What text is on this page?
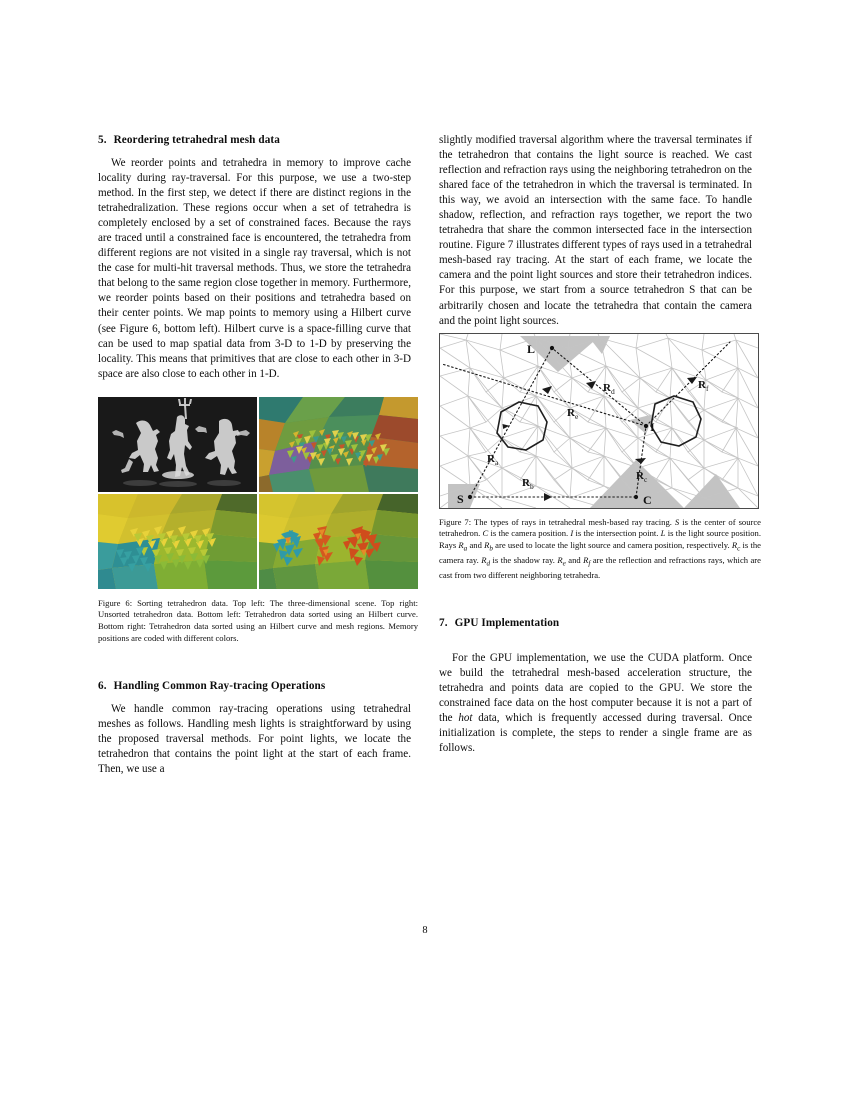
5. Reordering tetrahedral mesh data

We reorder points and tetrahedra in memory to improve cache locality during ray-traversal. For this purpose, we use a two-step method. In the first step, we detect if there are distinct regions in the tetrahedralization. These regions occur when a set of tetrahedra is completely enclosed by a set of constrained faces. Because the rays are traced until a constrained face is encountered, the tetrahedra from different regions are not visited in a single ray traversal, which is not the case for multi-hit traversal methods. Thus, we store the tetrahedra that belong to the same region close together in memory. Furthermore, we reorder points based on their positions and tetrahedra based on their center points. We map points to memory using a Hilbert curve (see Figure 6, bottom left). Hilbert curve is a space-filling curve that can be used to map spatial data from 3-D to 1-D by preserving the locality. This means that primitives that are close to each other in 3-D space are also close to each other in 1-D.

Figure 6: Sorting tetrahedron data. Top left: The three-dimensional scene. Top right: Unsorted tetrahedron data. Bottom left: Tetrahedron data sorted using an Hilbert curve. Bottom right: Tetrahedron data sorted using an Hilbert curve and mesh regions. Memory positions are coded with different colors.

6. Handling Common Ray-tracing Operations

We handle common ray-tracing operations using tetrahedral meshes as follows. Handling mesh lights is straightforward by using the proposed traversal methods. For point lights, we locate the tetrahedron that contains the point light at the start of each frame. Then, we use a

slightly modified traversal algorithm where the traversal terminates if the tetrahedron that contains the light source is reached. We cast reflection and refraction rays using the neighboring tetrahedron on the shared face of the tetrahedron in which the traversal is terminated. In this way, we avoid an intersection with the same face. To handle shadow, reflection, and refraction rays together, we report the two tetrahedra that share the common intersected face in the intersection routine. Figure 7 illustrates different types of rays used in a tetrahedral mesh-based ray tracing. At the start of each frame, we locate the camera and the point light sources and store their tetrahedron indices. For this purpose, we start from a source tetrahedron S that can be arbitrarily chosen and locate the tetrahedra that contain the camera and the point light sources.

L
S	C
I
R a
R b
R c
R d
R e
R f

Figure 7: The types of rays in tetrahedral mesh-based ray tracing. S is the center of source tetrahedron. C is the camera position. I is the intersection point. L is the light source position. Rays $R_a$ and $R_b$ are used to locate the light source and camera position, respectively. $R_c$ is the camera ray. $R_d$ is the shadow ray. $R_e$ and $R_f$ are the reflection and refractions rays, which are cast from two different neighboring tetrahedra.

7. GPU Implementation

For the GPU implementation, we use the CUDA platform. Once we build the tetrahedral mesh-based acceleration structure, the tetrahedra and points data are copied to the GPU. We store the constrained face data on the host computer because it is not a part of the hot data, which is frequently accessed during traversal. Once initialization is complete, the steps to render a single frame are as follows.

8
